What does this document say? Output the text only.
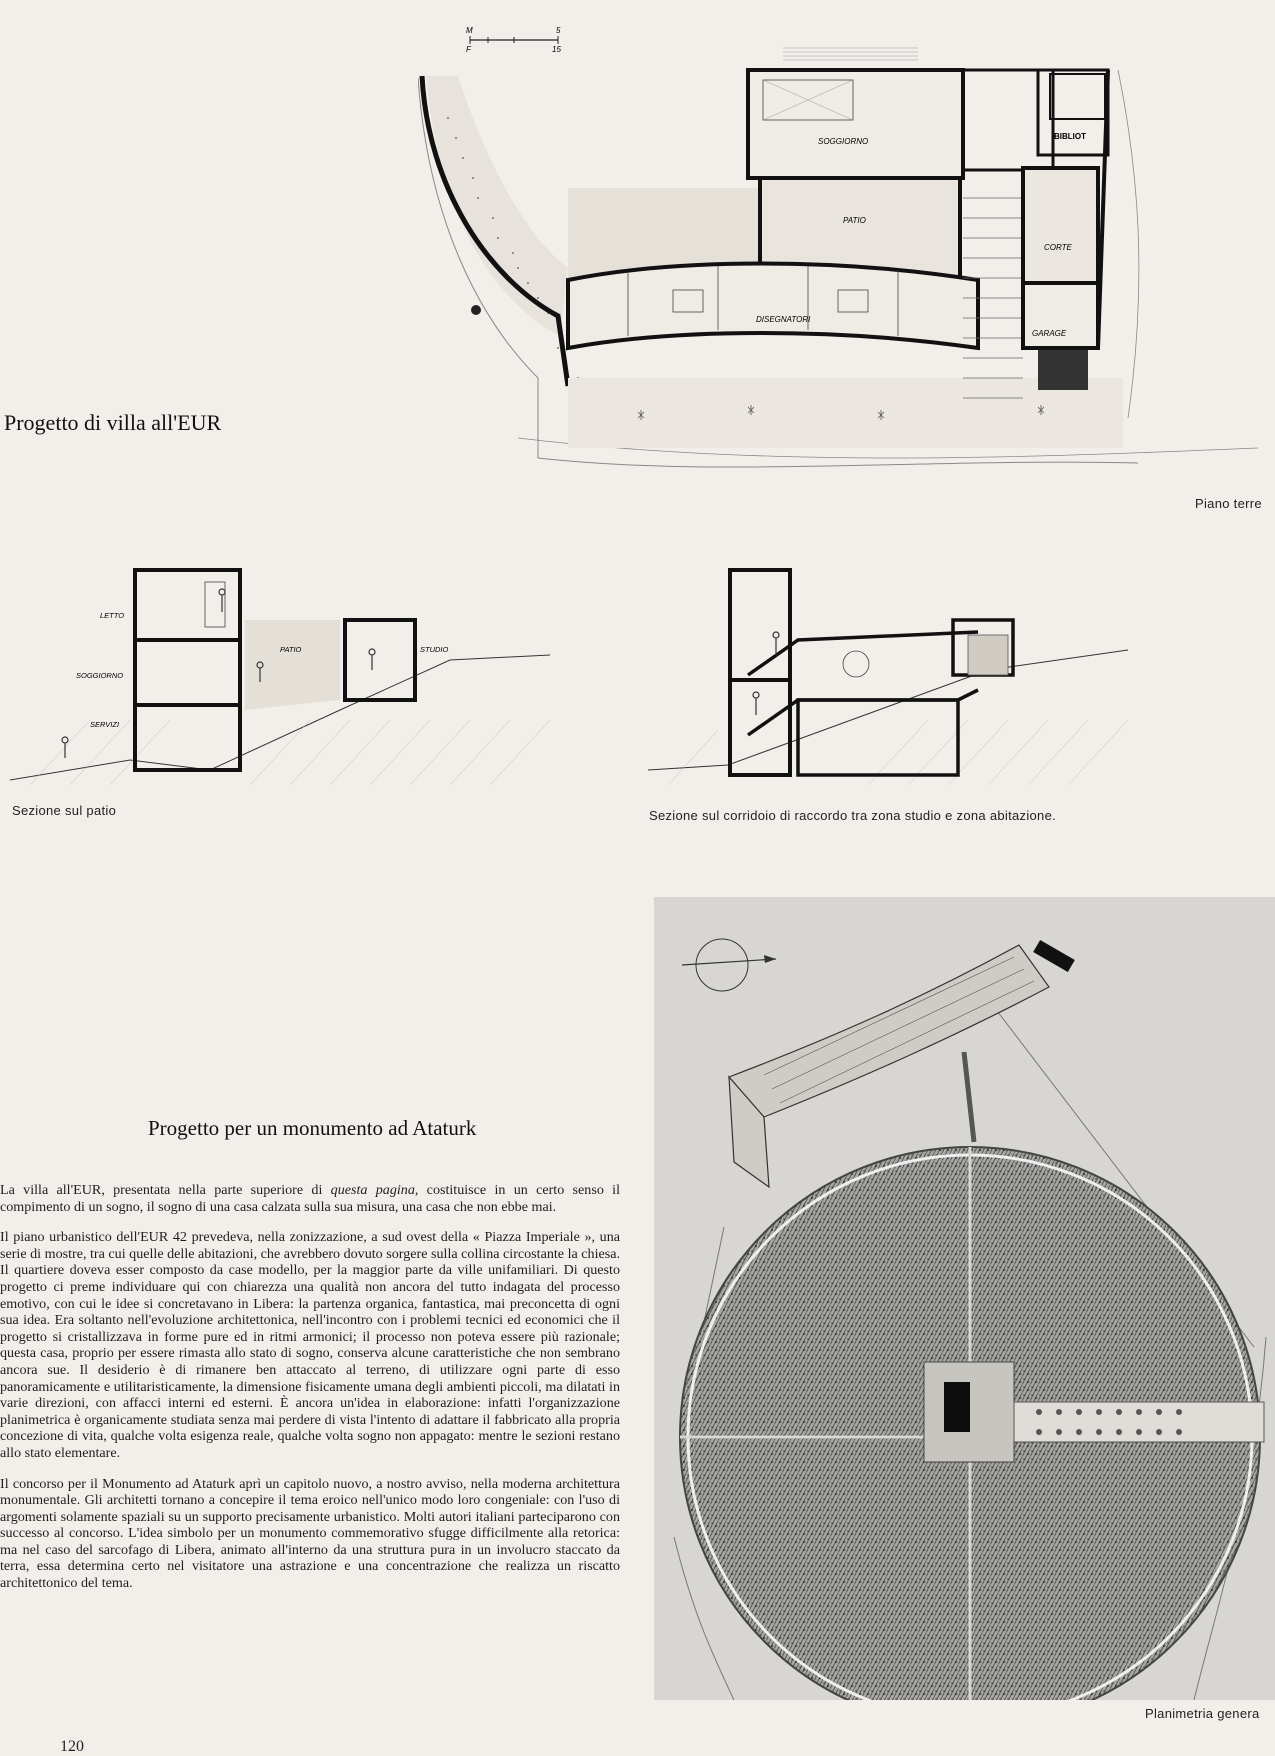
M
F
5
15
SOGGIORNO
BIBLIOT
PATIO
CORTE
DISEGNATORI
GARAGE
Progetto di villa all'EUR
Piano terre
LETTO
SOGGIORNO
SERVIZI
PATIO	STUDIO
Sezione sul patio	Sezione sul corridoio di raccordo tra zona studio e zona abitazione.
Planimetria genera
Progetto per un monumento ad Ataturk

La villa all'EUR, presentata nella parte superiore di questa pagina, costituisce in un certo senso il compimento di un sogno, il sogno di una casa calzata sulla sua misura, una casa che non ebbe mai.

Il piano urbanistico dell'EUR 42 prevedeva, nella zonizzazione, a sud ovest della « Piazza Imperiale », una serie di mostre, tra cui quelle delle abitazioni, che avrebbero dovuto sorgere sulla collina circostante la chiesa. Il quartiere doveva esser composto da case modello, per la maggior parte da ville unifamiliari. Di questo progetto ci preme individuare qui con chiarezza una qualità non ancora del tutto indagata del processo emotivo, con cui le idee si concretavano in Libera: la partenza organica, fantastica, mai preconcetta di ogni sua idea. Era soltanto nell'evoluzione architettonica, nell'incontro con i problemi tecnici ed economici che il progetto si cristallizzava in forme pure ed in ritmi armonici; il processo non poteva essere più razionale; questa casa, proprio per essere rimasta allo stato di sogno, conserva alcune caratteristiche che non sembrano ancora sue. Il desiderio è di rimanere ben attaccato al terreno, di utilizzare ogni parte di esso panoramicamente e utilitaristicamente, la dimensione fisicamente umana degli ambienti piccoli, ma dilatati in varie direzioni, con affacci interni ed esterni. È ancora un'idea in elaborazione: infatti l'organizzazione planimetrica è organicamente studiata senza mai perdere di vista l'intento di adattare il fabbricato alla propria concezione di vita, qualche volta esigenza reale, qualche volta sogno non appagato: mentre le sezioni restano allo stato elementare.

Il concorso per il Monumento ad Ataturk aprì un capitolo nuovo, a nostro avviso, nella moderna architettura monumentale. Gli architetti tornano a concepire il tema eroico nell'unico modo loro congeniale: con l'uso di argomenti solamente spaziali su un supporto precisamente urbanistico. Molti autori italiani parteciparono con successo al concorso. L'idea simbolo per un monumento commemorativo sfugge difficilmente alla retorica: ma nel caso del sarcofago di Libera, animato all'interno da una struttura pura in un involucro staccato da terra, essa determina certo nel visitatore una astrazione e una concentrazione che realizza un riscatto architettonico del tema.

120
